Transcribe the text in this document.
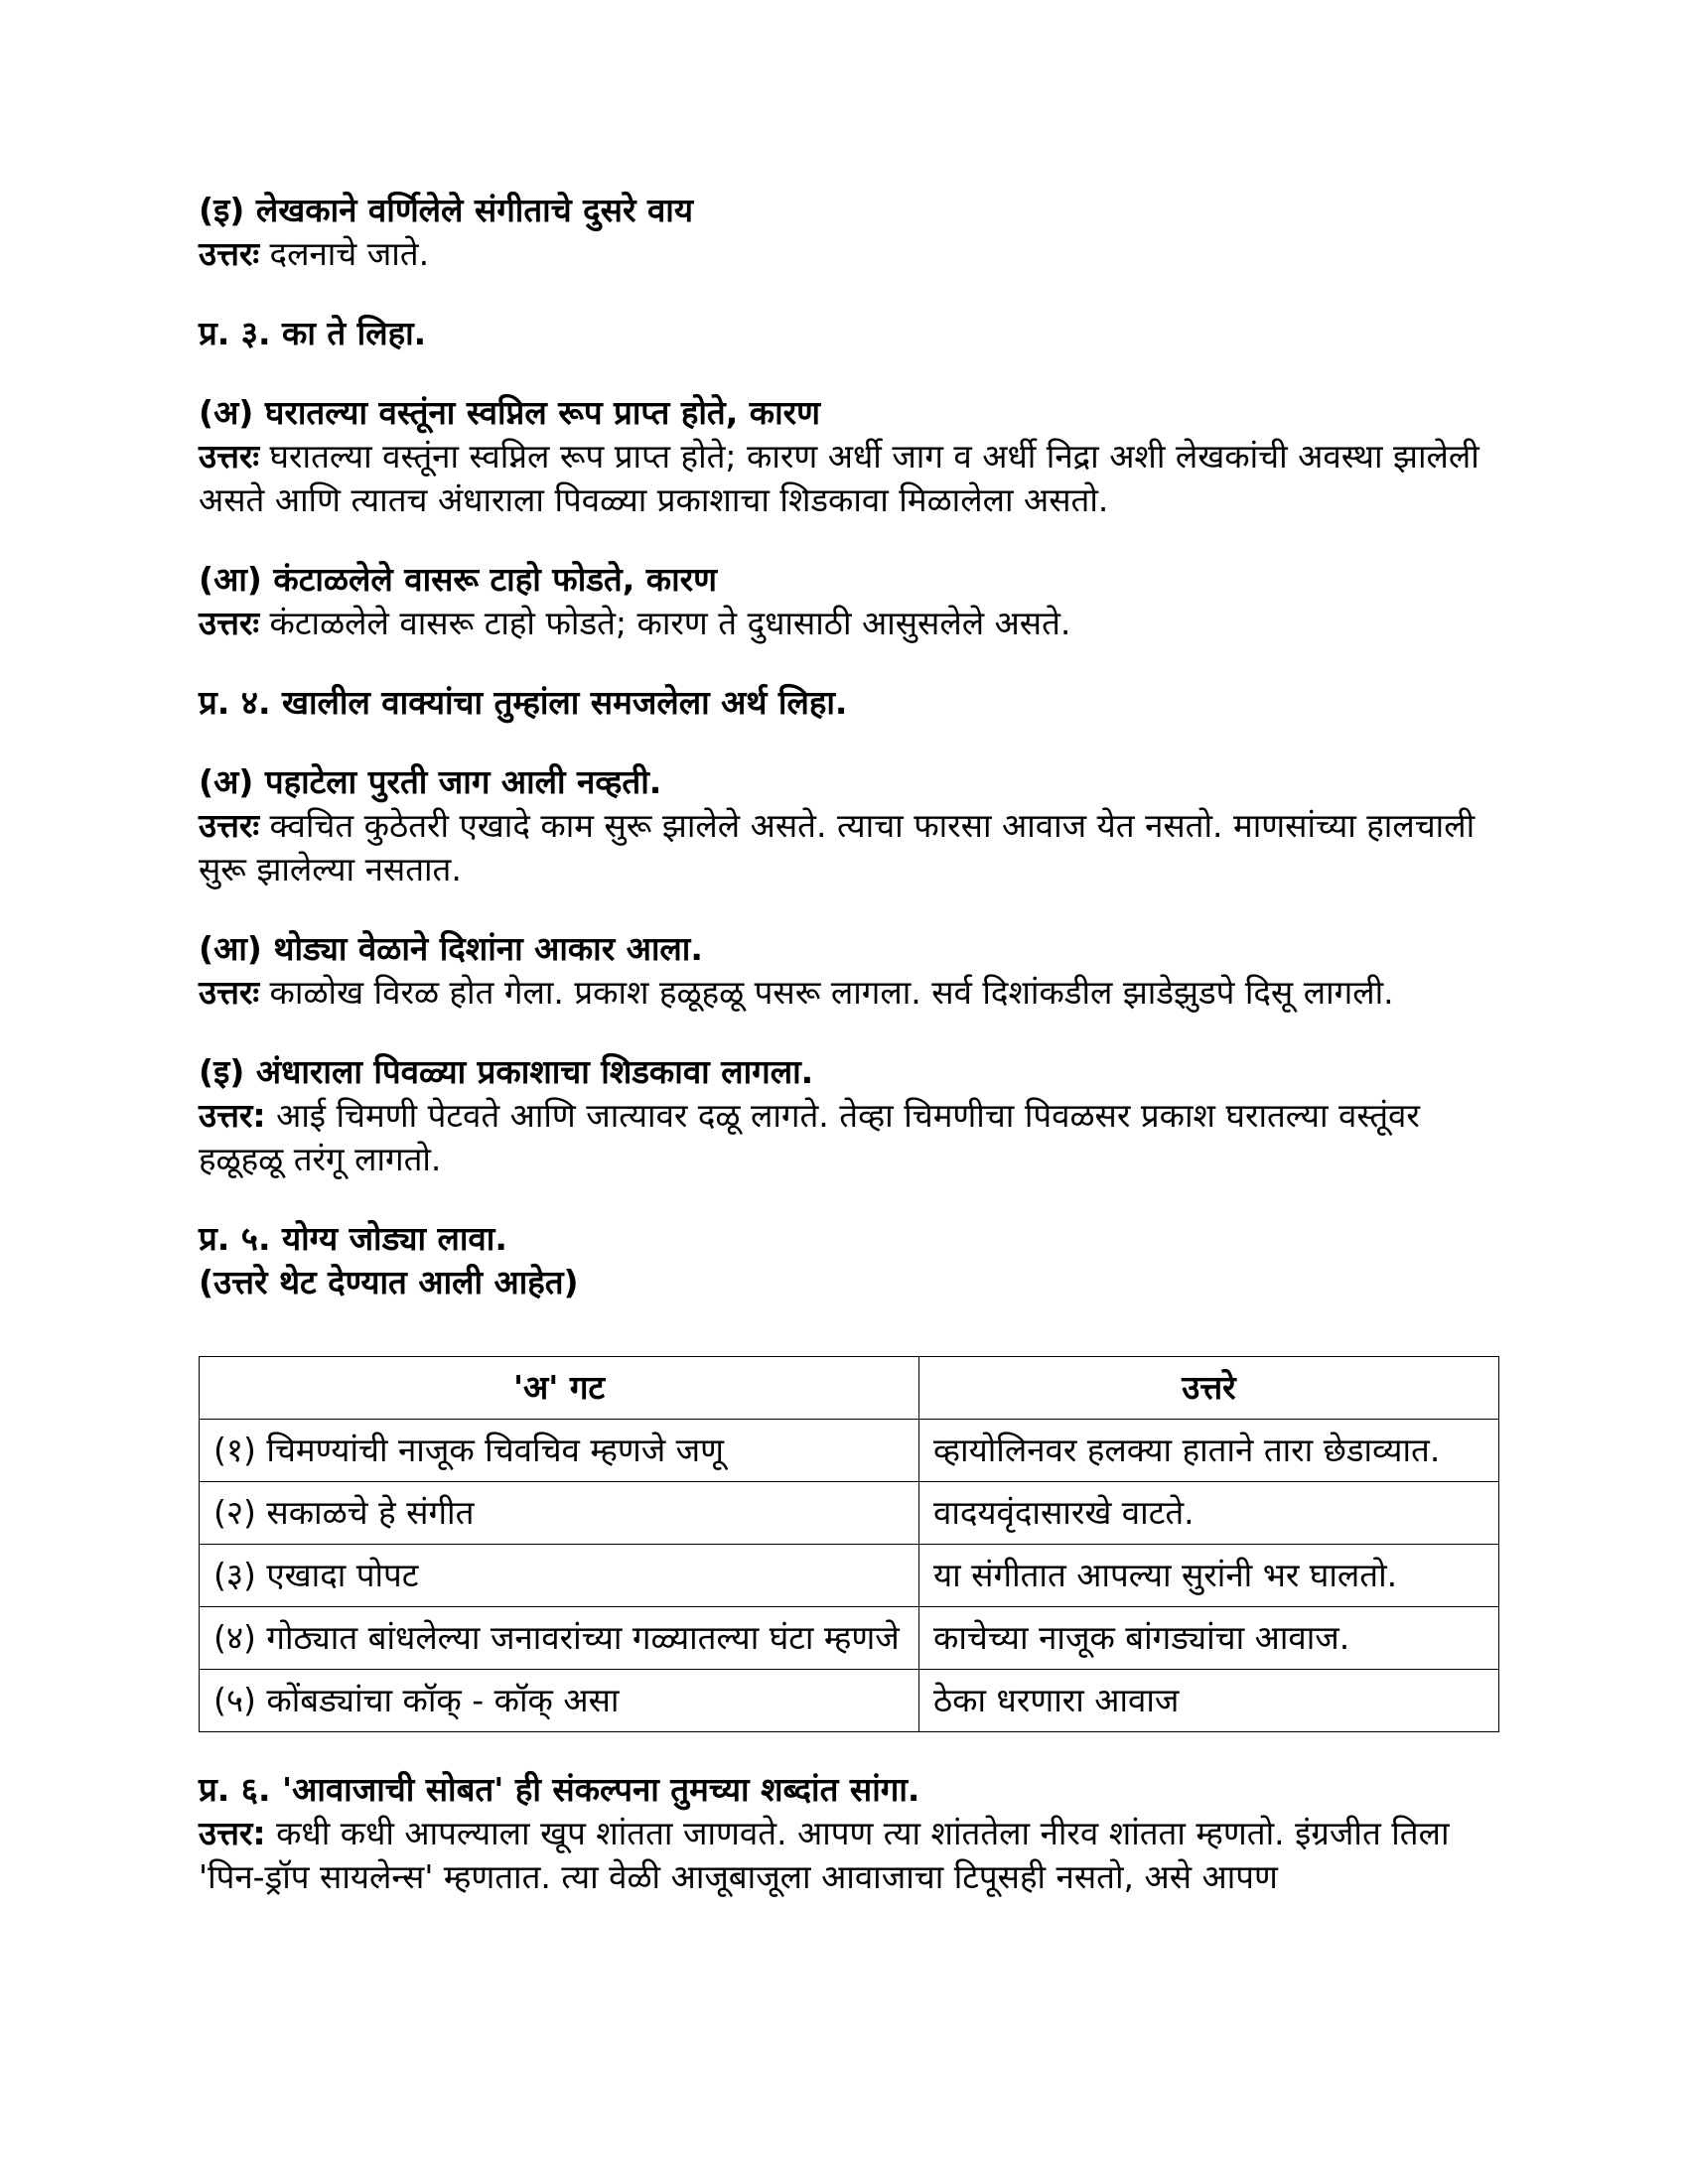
(इ) लेखकाने वर्णिलेले संगीताचे दुसरे वाय

उत्तरः दलनाचे जाते.

प्र. ३. का ते लिहा.

(अ) घरातल्या वस्तूंना स्वप्निल रूप प्राप्त होते, कारण

उत्तरः घरातल्या वस्तूंना स्वप्निल रूप प्राप्त होते; कारण अर्धी जाग व अर्धी निद्रा अशी लेखकांची अवस्था झालेली असते आणि त्यातच अंधाराला पिवळ्या प्रकाशाचा शिडकावा मिळालेला असतो.

(आ) कंटाळलेले वासरू टाहो फोडते, कारण

उत्तरः कंटाळलेले वासरू टाहो फोडते; कारण ते दुधासाठी आसुसलेले असते.

प्र. ४. खालील वाक्यांचा तुम्हांला समजलेला अर्थ लिहा.

(अ) पहाटेला पुरती जाग आली नव्हती.

उत्तरः क्वचित कुठेतरी एखादे काम सुरू झालेले असते. त्याचा फारसा आवाज येत नसतो. माणसांच्या हालचाली सुरू झालेल्या नसतात.

(आ) थोड्या वेळाने दिशांना आकार आला.

उत्तरः काळोख विरळ होत गेला. प्रकाश हळूहळू पसरू लागला. सर्व दिशांकडील झाडेझुडपे दिसू लागली.

(इ) अंधाराला पिवळ्या प्रकाशाचा शिडकावा लागला.

उत्तर: आई चिमणी पेटवते आणि जात्यावर दळू लागते. तेव्हा चिमणीचा पिवळसर प्रकाश घरातल्या वस्तूंवर हळूहळू तरंगू लागतो.

प्र. ५. योग्य जोड्या लावा.

(उत्तरे थेट देण्यात आली आहेत)

'अ' गट	उत्तरे
(१) चिमण्यांची नाजूक चिवचिव म्हणजे जणू	व्हायोलिनवर हलक्या हाताने तारा छेडाव्यात.
(२) सकाळचे हे संगीत	वादयवृंदासारखे वाटते.
(३) एखादा पोपट	या संगीतात आपल्या सुरांनी भर घालतो.
(४) गोठ्यात बांधलेल्या जनावरांच्या गळ्यातल्या घंटा म्हणजे	काचेच्या नाजूक बांगड्यांचा आवाज.
(५) कोंबड्यांचा कॉक् - कॉक् असा	ठेका धरणारा आवाज

प्र. ६. 'आवाजाची सोबत' ही संकल्पना तुमच्या शब्दांत सांगा.

उत्तर: कधी कधी आपल्याला खूप शांतता जाणवते. आपण त्या शांततेला नीरव शांतता म्हणतो. इंग्रजीत तिला 'पिन-ड्रॉप सायलेन्स' म्हणतात. त्या वेळी आजूबाजूला आवाजाचा टिपूसही नसतो, असे आपण
